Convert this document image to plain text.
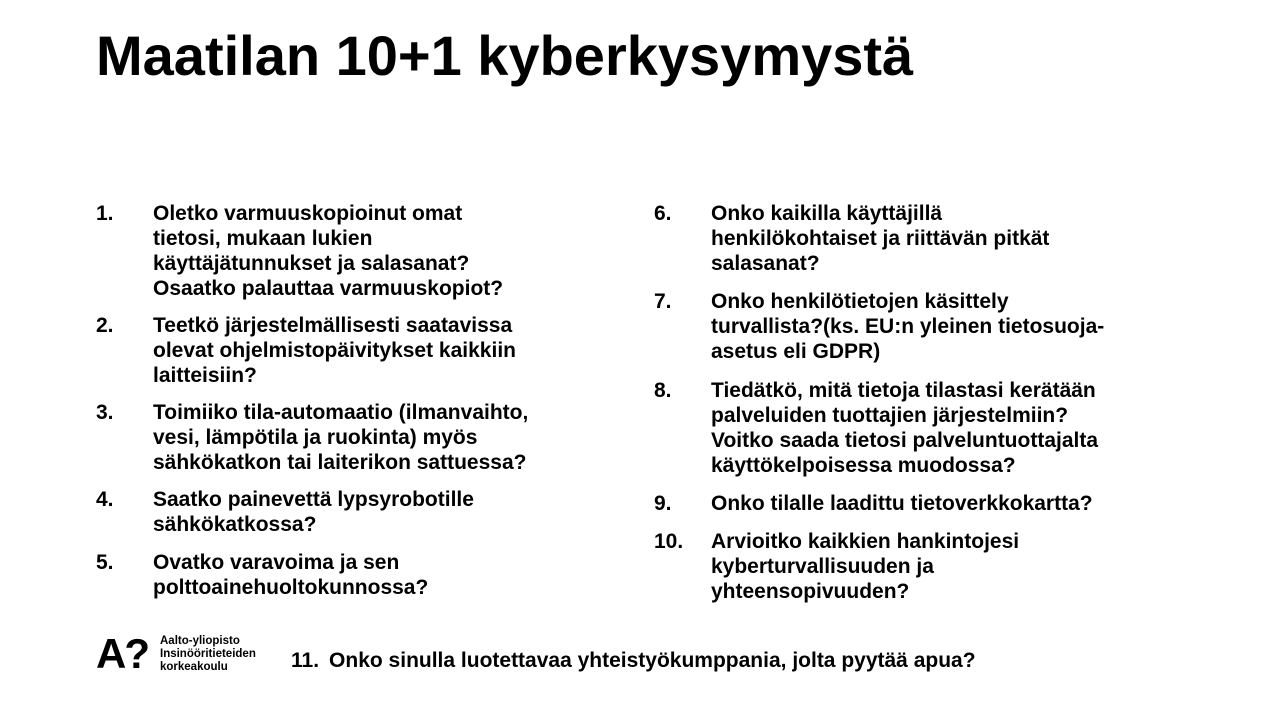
Maatilan 10+1 kyberkysymystä
1.	Oletko varmuuskopioinut omat
tietosi, mukaan lukien
käyttäjätunnukset ja salasanat?
Osaatko palauttaa varmuuskopiot?
2.	Teetkö järjestelmällisesti saatavissa
olevat ohjelmistopäivitykset kaikkiin
laitteisiin?
3.	Toimiiko tila-automaatio (ilmanvaihto,
vesi, lämpötila ja ruokinta) myös
sähkökatkon tai laiterikon sattuessa?
4.	Saatko painevettä lypsyrobotille
sähkökatkossa?
5.	Ovatko varavoima ja sen
polttoainehuoltokunnossa?
6.	Onko kaikilla käyttäjillä
henkilökohtaiset ja riittävän pitkät
salasanat?
7.	Onko henkilötietojen käsittely
turvallista?(ks. EU:n yleinen tietosuoja-
asetus eli GDPR)
8.	Tiedätkö, mitä tietoja tilastasi kerätään
palveluiden tuottajien järjestelmiin?
Voitko saada tietosi palveluntuottajalta
käyttökelpoisessa muodossa?
9.	Onko tilalle laadittu tietoverkkokartta?
10.	Arvioitko kaikkien hankintojesi
kyberturvallisuuden ja
yhteensopivuuden?
A? Aalto-yliopisto
Insinööritieteiden
korkeakoulu	11. Onko sinulla luotettavaa yhteistyökumppania, jolta pyytää apua?
